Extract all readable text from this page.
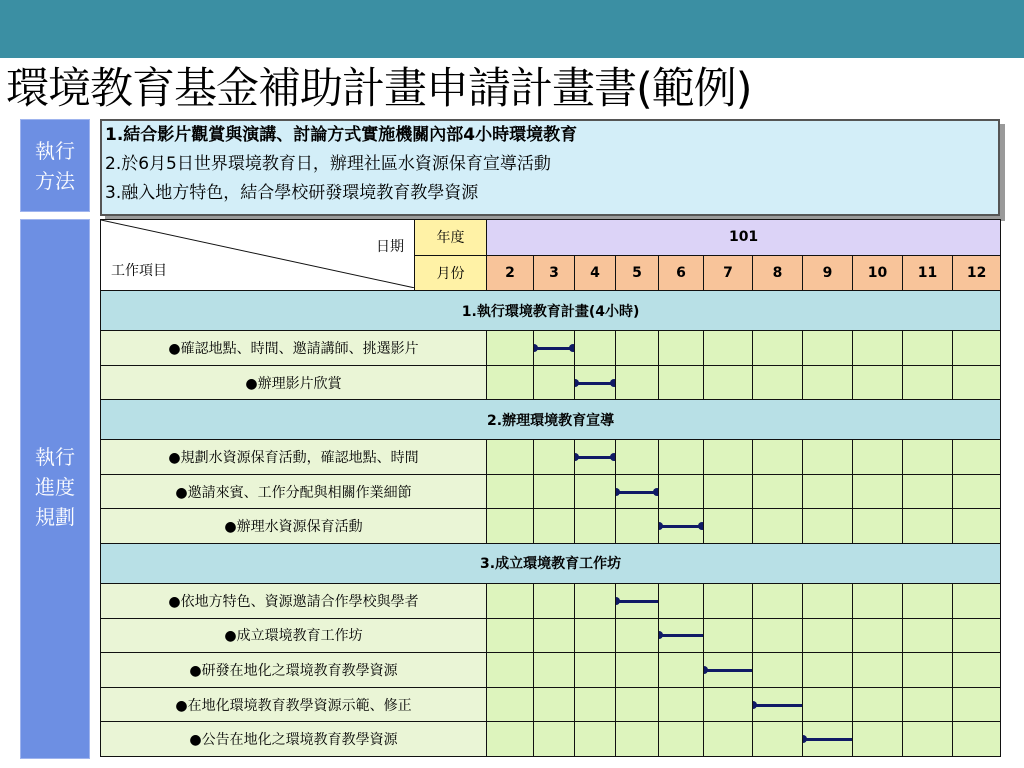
環境教育基金補助計畫申請計畫書(範例)
執行
方法
1.結合影片觀賞與演講、討論方式實施機關內部4小時環境教育
2.於6月5日世界環境教育日，辦理社區水資源保育宣導活動
3.融入地方特色，結合學校研發環境教育教學資源
執行
進度
規劃
日期
工作項目	年度	101										
	月份	2	3	4	5	6	7	8	9	10	11	12
1.執行環境教育計畫(4小時)												
●確認地點、時間、邀請講師、挑選影片			

●辦理影片欣賞				

2.辦理環境教育宣導												
●規劃水資源保育活動，確認地點、時間				

●邀請來賓、工作分配與相關作業細節					

●辦理水資源保育活動						

3.成立環境教育工作坊												
●依地方特色、資源邀請合作學校與學者					

●成立環境教育工作坊						

●研發在地化之環境教育教學資源							

●在地化環境教育教學資源示範、修正								

●公告在地化之環境教育教學資源									
